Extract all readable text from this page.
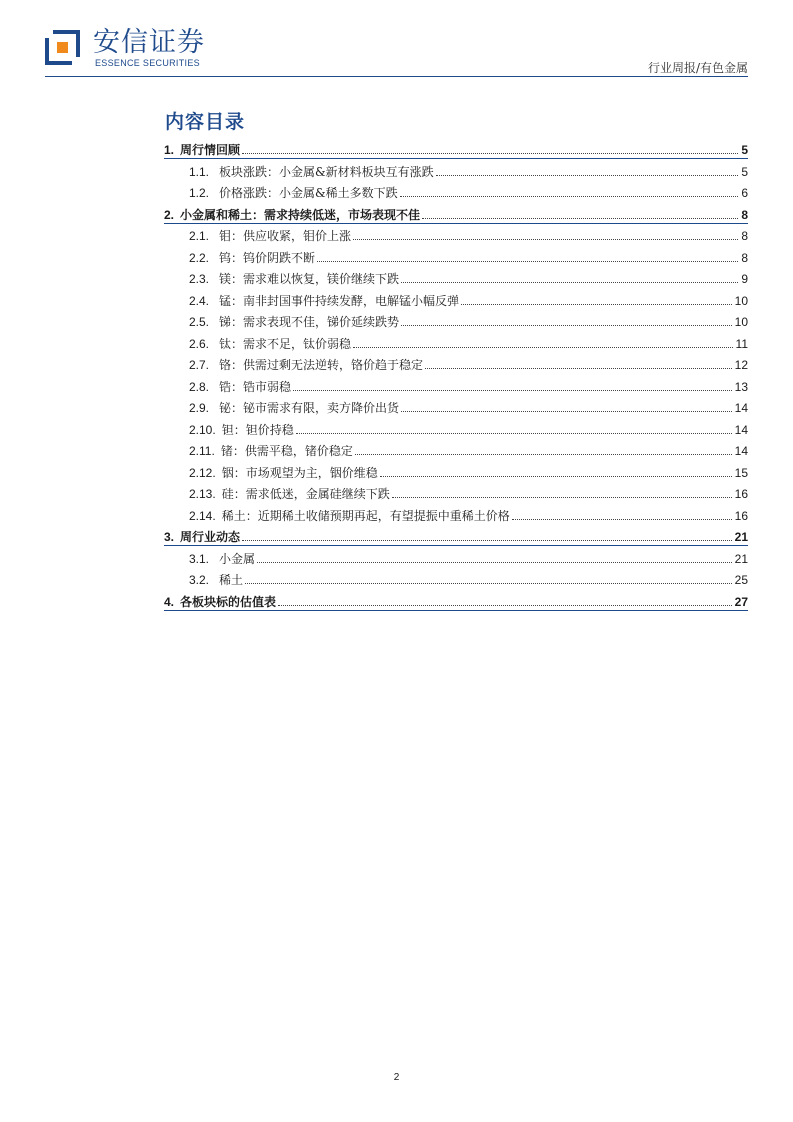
安信证券
ESSENCE SECURITIES	行业周报/有色金属
内容目录
1. 周行情回顾	5
1.1. 板块涨跌：小金属&新材料板块互有涨跌	5
1.2. 价格涨跌：小金属&稀土多数下跌	6
2. 小金属和稀土：需求持续低迷，市场表现不佳	8
2.1. 钼：供应收紧，钼价上涨	8
2.2. 钨：钨价阴跌不断	8
2.3. 镁：需求难以恢复，镁价继续下跌	9
2.4. 锰：南非封国事件持续发酵，电解锰小幅反弹	10
2.5. 锑：需求表现不佳，锑价延续跌势	10
2.6. 钛：需求不足，钛价弱稳	11
2.7. 铬：供需过剩无法逆转，铬价趋于稳定	12
2.8. 锆：锆市弱稳	13
2.9. 铋：铋市需求有限，卖方降价出货	14
2.10. 钽：钽价持稳	14
2.11. 锗：供需平稳，锗价稳定	14
2.12. 铟：市场观望为主，铟价维稳	15
2.13. 硅：需求低迷，金属硅继续下跌	16
2.14. 稀土：近期稀土收储预期再起，有望提振中重稀土价格	16
3. 周行业动态	21
3.1. 小金属	21
3.2. 稀土	25
4. 各板块标的估值表	27
2
